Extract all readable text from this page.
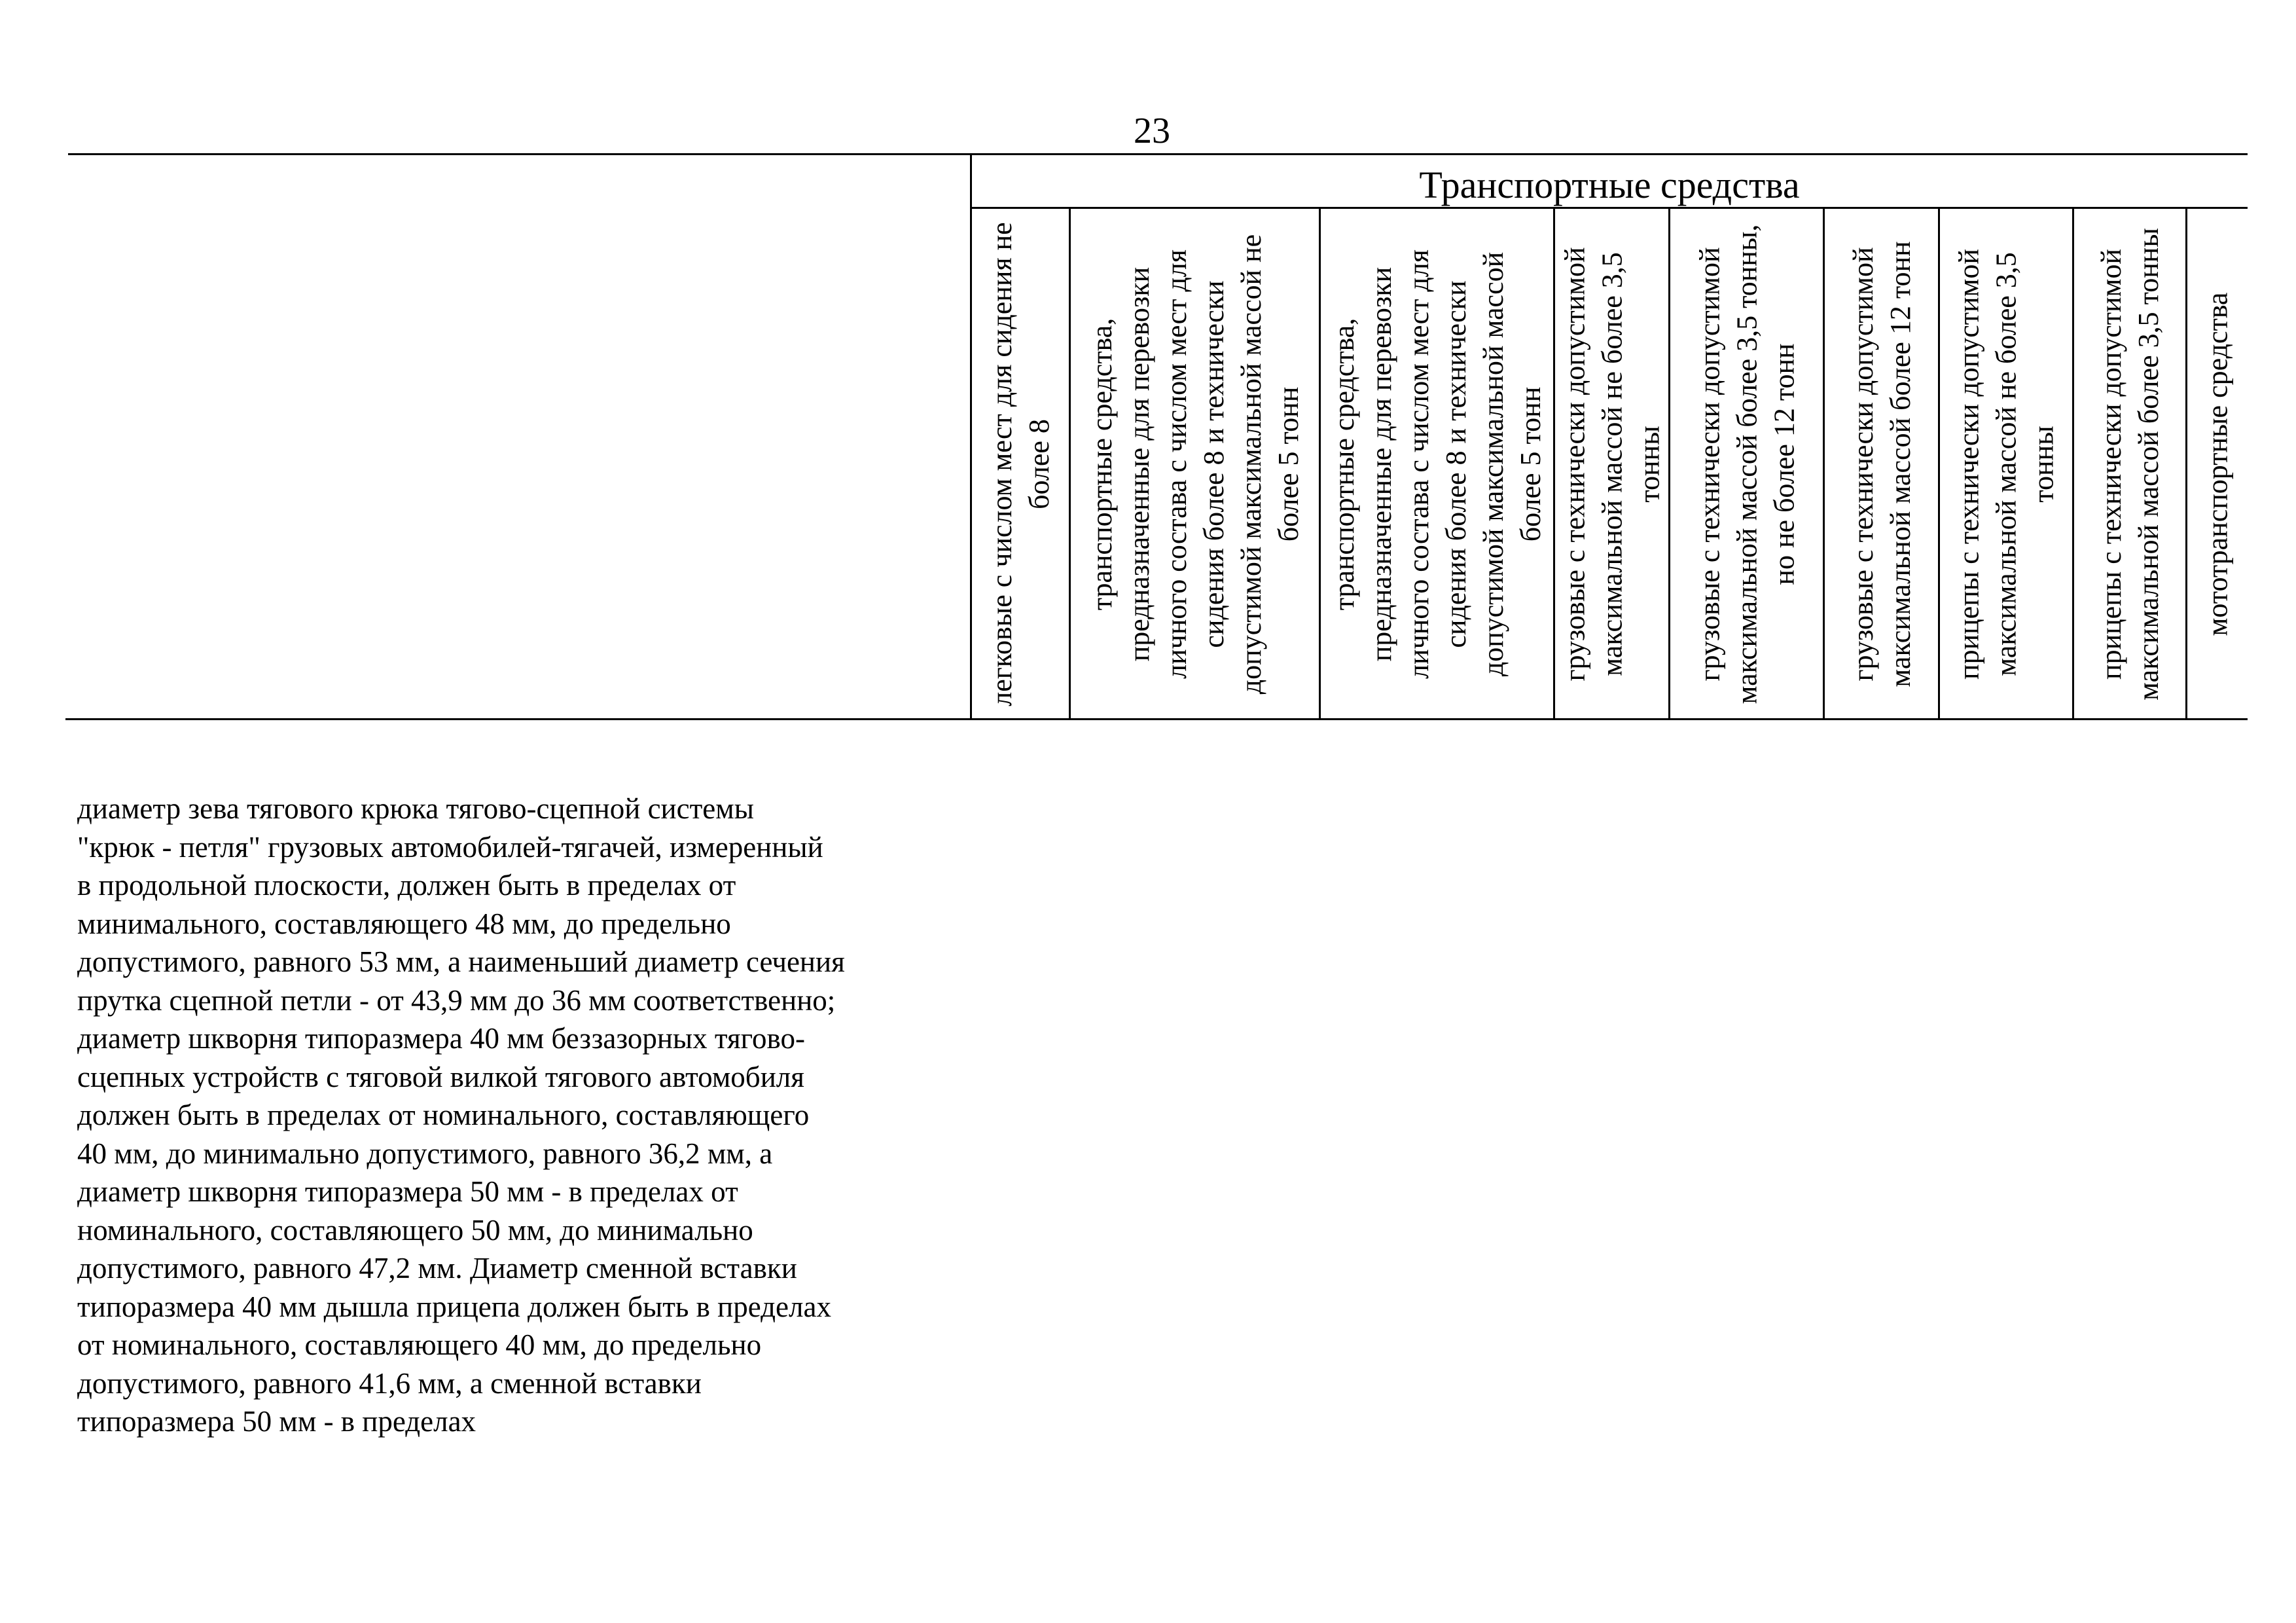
23
Транспортные средства
легковые с числом мест для сидения не более 8 транспортные средства, предназначенные для перевозки личного состава с числом мест для сидения более 8 и технически допустимой максимальной массой не более 5 тонн транспортные средства, предназначенные для перевозки личного состава с числом мест для сидения более 8 и технически допустимой максимальной массой более 5 тонн грузовые с технически допустимой максимальной массой не более 3,5 тонны грузовые с технически допустимой максимальной массой более 3,5 тонны, но не более 12 тонн грузовые с технически допустимой максимальной массой более 12 тонн прицепы с технически допустимой максимальной массой не более 3,5 тонны прицепы с технически допустимой максимальной массой более 3,5 тонны мототранспортные средства
диаметр зева тягового крюка тягово-сцепной системы
"крюк - петля" грузовых автомобилей-тягачей, измеренный
в продольной плоскости, должен быть в пределах от
минимального, составляющего 48 мм, до предельно
допустимого, равного 53 мм, а наименьший диаметр сечения
прутка сцепной петли - от 43,9 мм до 36 мм соответственно;
диаметр шкворня типоразмера 40 мм беззазорных тягово-
сцепных устройств с тяговой вилкой тягового автомобиля
должен быть в пределах от номинального, составляющего
40 мм, до минимально допустимого, равного 36,2 мм, а
диаметр шкворня типоразмера 50 мм - в пределах от
номинального, составляющего 50 мм, до минимально
допустимого, равного 47,2 мм. Диаметр сменной вставки
типоразмера 40 мм дышла прицепа должен быть в пределах
от номинального, составляющего 40 мм, до предельно
допустимого, равного 41,6 мм, а сменной вставки
типоразмера 50 мм - в пределах
